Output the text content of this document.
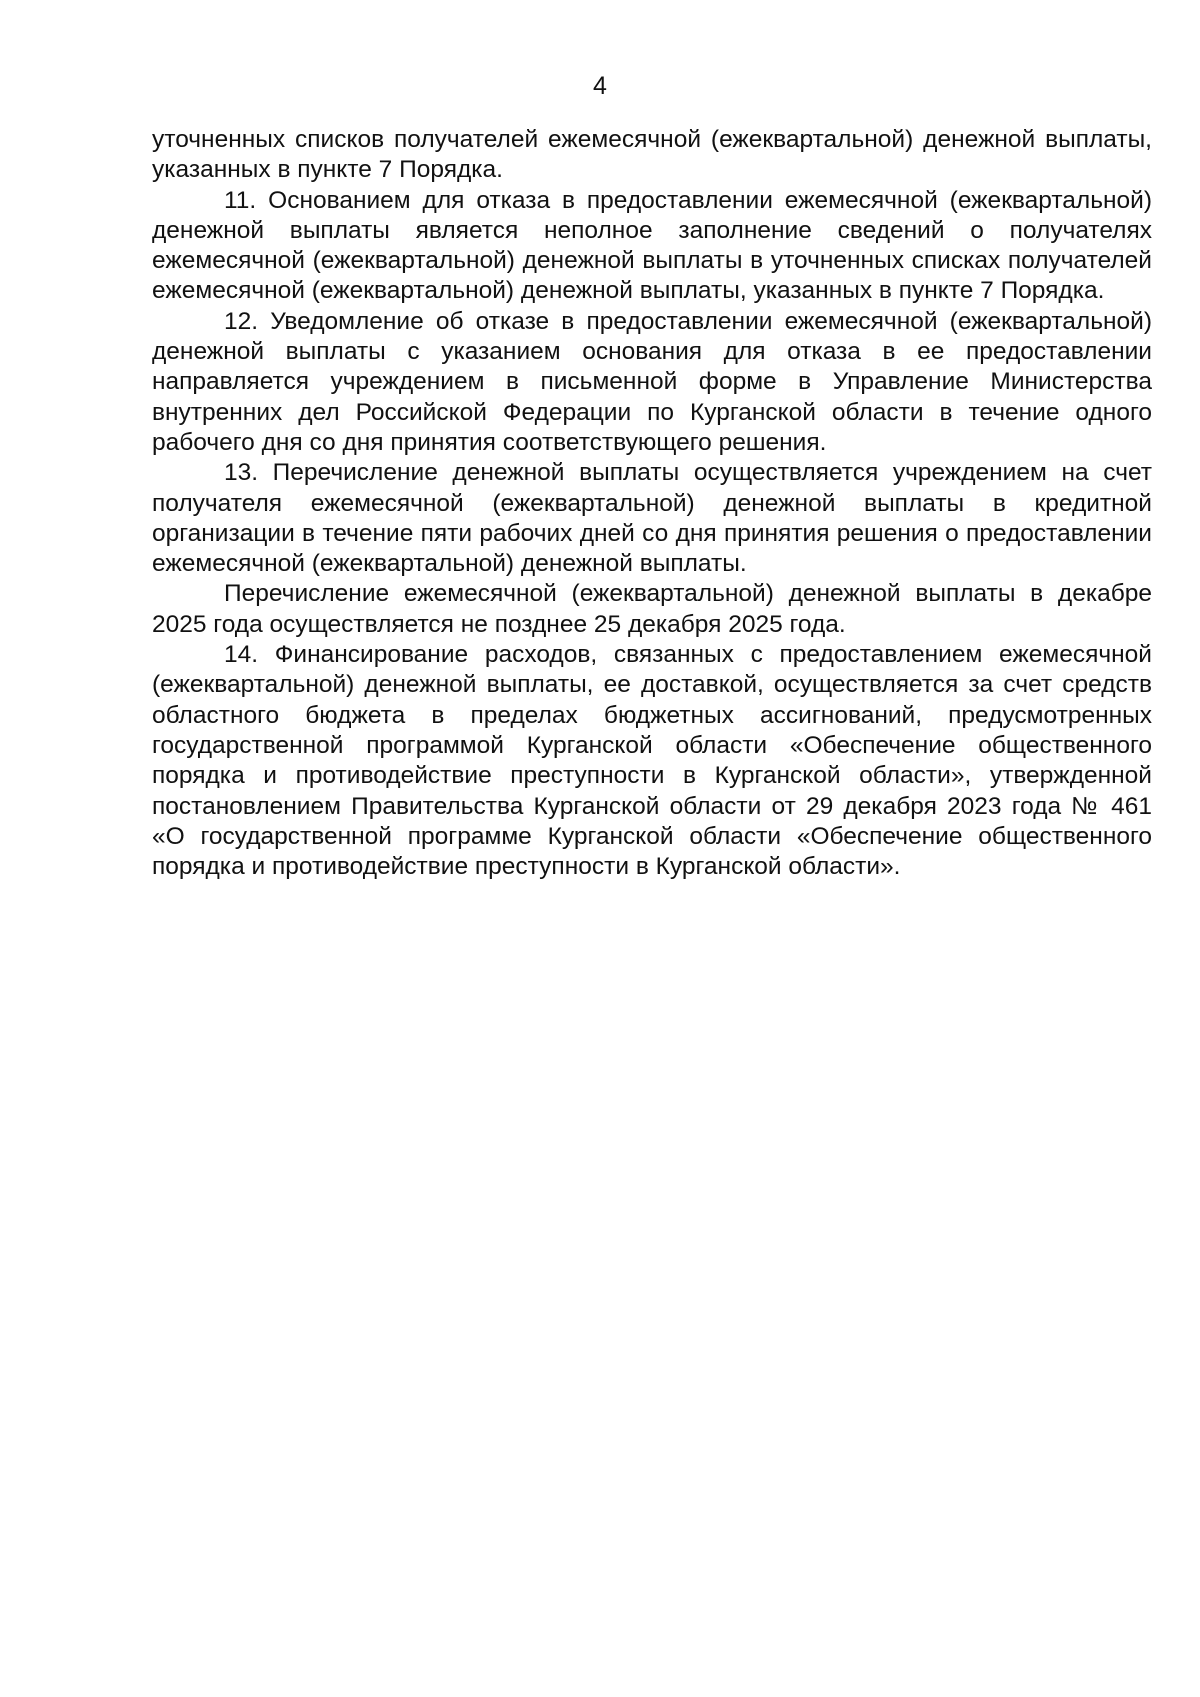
4

уточненных списков получателей ежемесячной (ежеквартальной) денежной выплаты, указанных в пункте 7 Порядка.

11. Основанием для отказа в предоставлении ежемесячной (ежеквартальной) денежной выплаты является неполное заполнение сведений о получателях ежемесячной (ежеквартальной) денежной выплаты в уточненных списках получателей ежемесячной (ежеквартальной) денежной выплаты, указанных в пункте 7 Порядка.

12. Уведомление об отказе в предоставлении ежемесячной (ежеквартальной) денежной выплаты с указанием основания для отказа в ее предоставлении направляется учреждением в письменной форме в Управление Министерства внутренних дел Российской Федерации по Курганской области в течение одного рабочего дня со дня принятия соответствующего решения.

13. Перечисление денежной выплаты осуществляется учреждением на счет получателя ежемесячной (ежеквартальной) денежной выплаты в кредитной организации в течение пяти рабочих дней со дня принятия решения о предоставлении ежемесячной (ежеквартальной) денежной выплаты.

Перечисление ежемесячной (ежеквартальной) денежной выплаты в декабре 2025 года осуществляется не позднее 25 декабря 2025 года.

14. Финансирование расходов, связанных с предоставлением ежемесячной (ежеквартальной) денежной выплаты, ее доставкой, осуществляется за счет средств областного бюджета в пределах бюджетных ассигнований, предусмотренных государственной программой Курганской области «Обеспечение общественного порядка и противодействие преступности в Курганской области», утвержденной постановлением Правительства Курганской области от 29 декабря 2023 года № 461 «О государственной программе Курганской области «Обеспечение общественного порядка и противодействие преступности в Курганской области».
